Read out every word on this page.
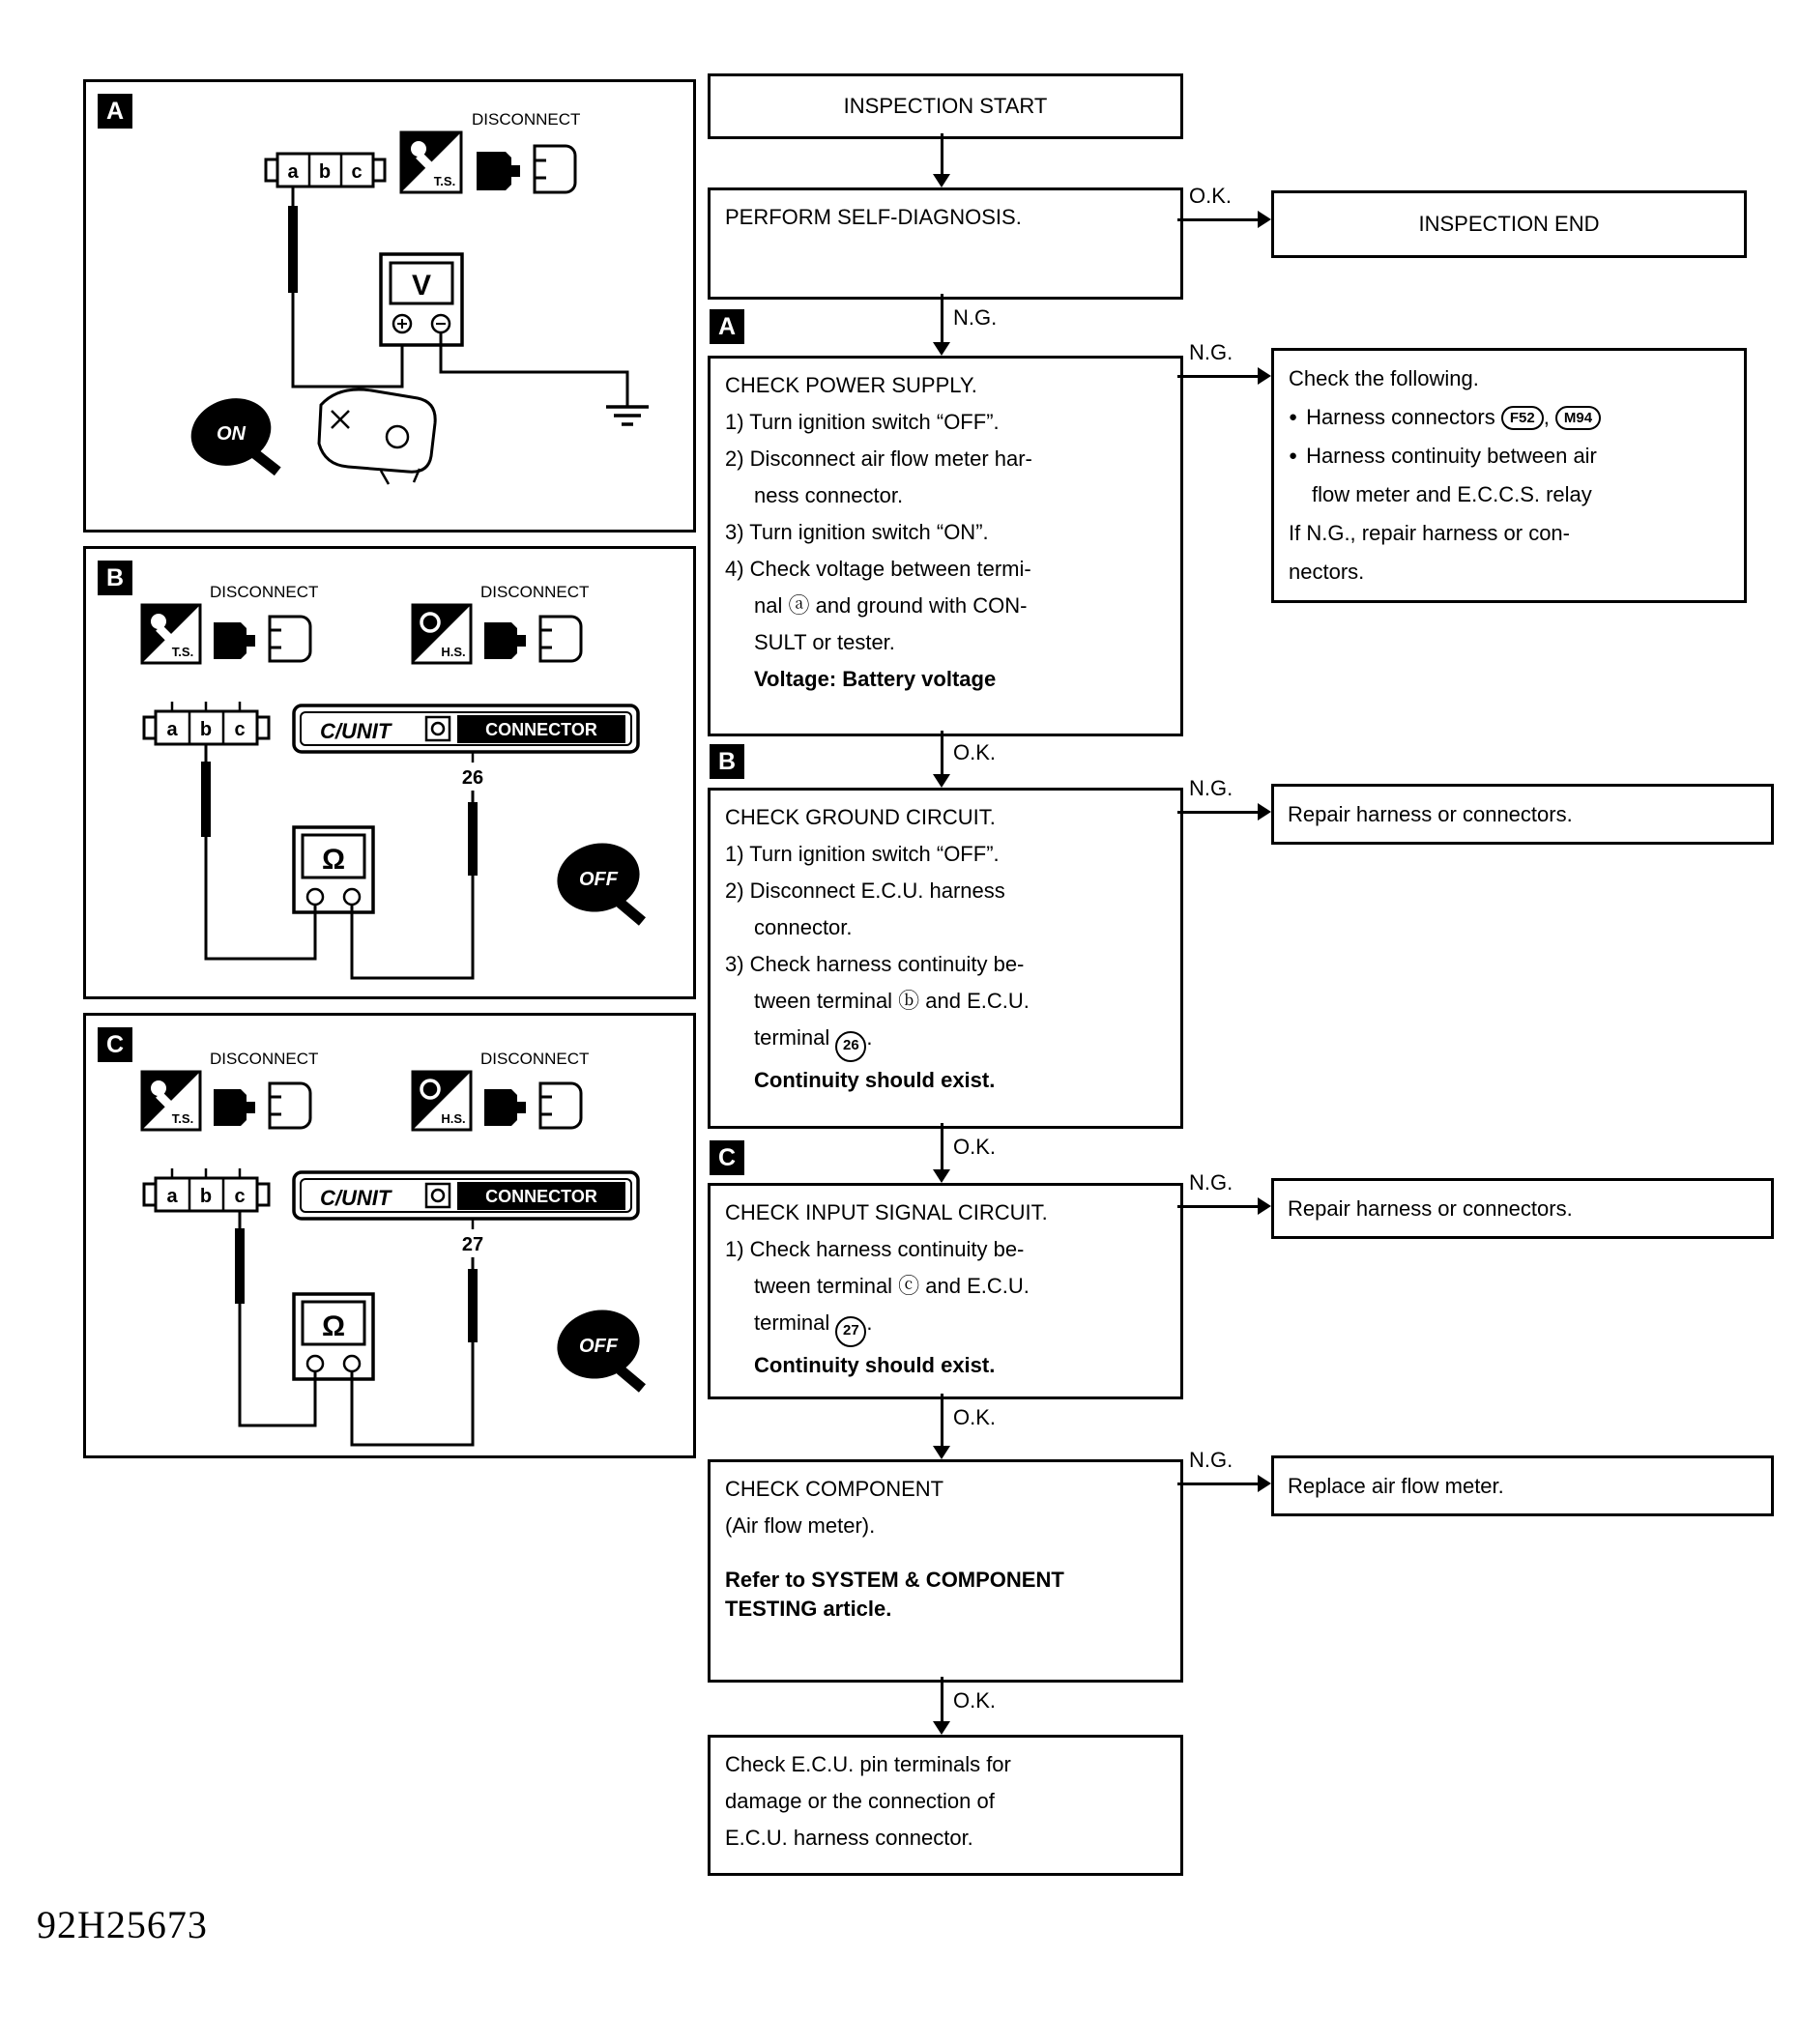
DISCONNECT
T.S.
a b c
V
ON
A
DISCONNECT
T.S.
DISCONNECT
H.S.
a b c	C/UNIT	CONNECTOR
26
Ω
OFF
B
DISCONNECT
T.S.
DISCONNECT
H.S.
a b c	C/UNIT	CONNECTOR
27
Ω
OFF
C
INSPECTION START
PERFORM SELF-DIAGNOSIS.
O.K.
INSPECTION END
N.G.
A
CHECK POWER SUPPLY.
1) Turn ignition switch “OFF”.
2) Disconnect air flow meter har-
ness connector.
3) Turn ignition switch “ON”.
4) Check voltage between termi-
nal ⓐ and ground with CON-
SULT or tester.
Voltage: Battery voltage
N.G.
Check the following.
● Harness connectors F52 , M94
● Harness continuity between air
flow meter and E.C.C.S. relay
If N.G., repair harness or con-
nectors.
O.K.
B
CHECK GROUND CIRCUIT.
1) Turn ignition switch “OFF”.
2) Disconnect E.C.U. harness
connector.
3) Check harness continuity be-
tween terminal ⓑ and E.C.U.
terminal 26 .
Continuity should exist.
N.G.
Repair harness or connectors.
O.K.
C
CHECK INPUT SIGNAL CIRCUIT.
1) Check harness continuity be-
tween terminal ⓒ and E.C.U.
terminal 27 .
Continuity should exist.
N.G.
Repair harness or connectors.
O.K.
CHECK COMPONENT
(Air flow meter).
Refer to SYSTEM & COMPONENT
TESTING article.
N.G.
Replace air flow meter.
O.K.
Check E.C.U. pin terminals for
damage or the connection of
E.C.U. harness connector.
92H25673
